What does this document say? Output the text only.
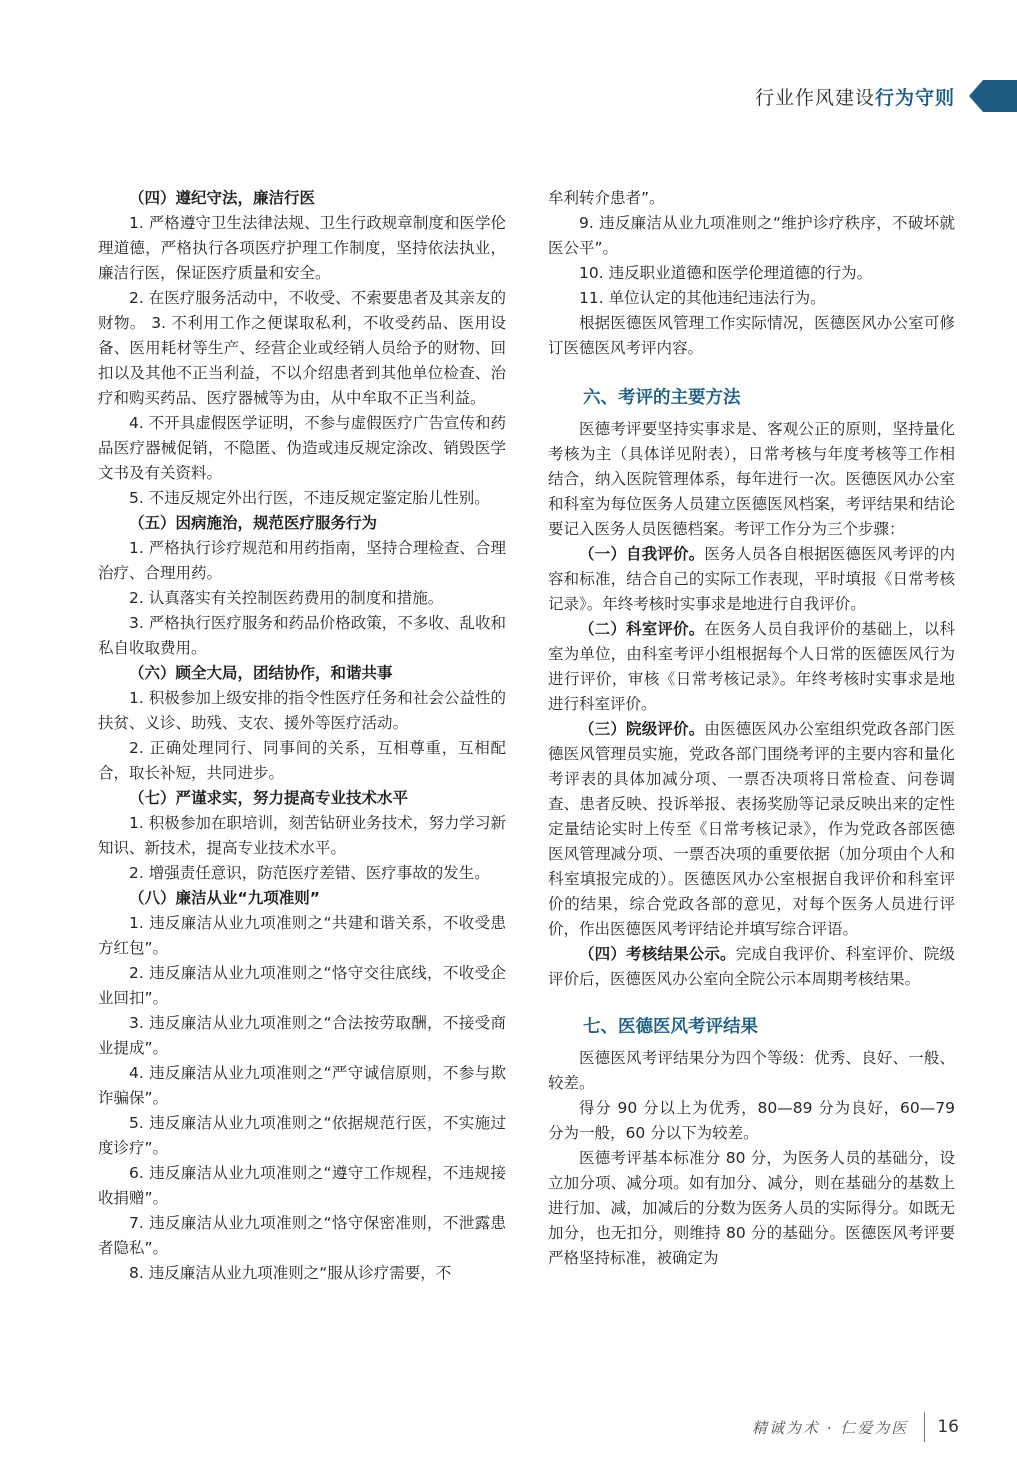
行业作风建设行为守则

（四）遵纪守法，廉洁行医

1. 严格遵守卫生法律法规、卫生行政规章制度和医学伦理道德，严格执行各项医疗护理工作制度，坚持依法执业，廉洁行医，保证医疗质量和安全。

2. 在医疗服务活动中，不收受、不索要患者及其亲友的财物。 3. 不利用工作之便谋取私利，不收受药品、医用设备、医用耗材等生产、经营企业或经销人员给予的财物、回扣以及其他不正当利益，不以介绍患者到其他单位检查、治疗和购买药品、医疗器械等为由，从中牟取不正当利益。

4. 不开具虚假医学证明，不参与虚假医疗广告宣传和药品医疗器械促销，不隐匿、伪造或违反规定涂改、销毁医学文书及有关资料。

5. 不违反规定外出行医，不违反规定鉴定胎儿性别。

（五）因病施治，规范医疗服务行为

1. 严格执行诊疗规范和用药指南，坚持合理检查、合理治疗、合理用药。

2. 认真落实有关控制医药费用的制度和措施。

3. 严格执行医疗服务和药品价格政策，不多收、乱收和私自收取费用。

（六）顾全大局，团结协作，和谐共事

1. 积极参加上级安排的指令性医疗任务和社会公益性的扶贫、义诊、助残、支农、援外等医疗活动。

2. 正确处理同行、同事间的关系，互相尊重，互相配合，取长补短，共同进步。

（七）严谨求实，努力提高专业技术水平

1. 积极参加在职培训，刻苦钻研业务技术，努力学习新知识、新技术，提高专业技术水平。

2. 增强责任意识，防范医疗差错、医疗事故的发生。

（八）廉洁从业“九项准则”

1. 违反廉洁从业九项准则之“共建和谐关系，不收受患方红包”。

2. 违反廉洁从业九项准则之“恪守交往底线，不收受企业回扣”。

3. 违反廉洁从业九项准则之“合法按劳取酬，不接受商业提成”。

4. 违反廉洁从业九项准则之“严守诚信原则，不参与欺诈骗保”。

5. 违反廉洁从业九项准则之“依据规范行医，不实施过度诊疗”。

6. 违反廉洁从业九项准则之“遵守工作规程，不违规接收捐赠”。

7. 违反廉洁从业九项准则之“恪守保密准则，不泄露患者隐私”。

8. 违反廉洁从业九项准则之“服从诊疗需要，不

牟利转介患者”。

9. 违反廉洁从业九项准则之“维护诊疗秩序，不破坏就医公平”。

10. 违反职业道德和医学伦理道德的行为。

11. 单位认定的其他违纪违法行为。

根据医德医风管理工作实际情况，医德医风办公室可修订医德医风考评内容。

六、考评的主要方法

医德考评要坚持实事求是、客观公正的原则，坚持量化考核为主（具体详见附表），日常考核与年度考核等工作相结合，纳入医院管理体系，每年进行一次。医德医风办公室和科室为每位医务人员建立医德医风档案，考评结果和结论要记入医务人员医德档案。考评工作分为三个步骤：

（一）自我评价。医务人员各自根据医德医风考评的内容和标准，结合自己的实际工作表现，平时填报《日常考核记录》。年终考核时实事求是地进行自我评价。

（二）科室评价。在医务人员自我评价的基础上，以科室为单位，由科室考评小组根据每个人日常的医德医风行为进行评价，审核《日常考核记录》。年终考核时实事求是地进行科室评价。

（三）院级评价。由医德医风办公室组织党政各部门医德医风管理员实施，党政各部门围绕考评的主要内容和量化考评表的具体加减分项、一票否决项将日常检查、问卷调查、患者反映、投诉举报、表扬奖励等记录反映出来的定性定量结论实时上传至《日常考核记录》，作为党政各部医德医风管理减分项、一票否决项的重要依据（加分项由个人和科室填报完成的）。医德医风办公室根据自我评价和科室评价的结果，综合党政各部的意见，对每个医务人员进行评价，作出医德医风考评结论并填写综合评语。

（四）考核结果公示。完成自我评价、科室评价、院级评价后，医德医风办公室向全院公示本周期考核结果。

七、医德医风考评结果

医德医风考评结果分为四个等级：优秀、良好、一般、较差。

得分 90 分以上为优秀，80—89 分为良好，60—79 分为一般，60 分以下为较差。

医德考评基本标准分 80 分，为医务人员的基础分，设立加分项、减分项。如有加分、减分，则在基础分的基数上进行加、减，加减后的分数为医务人员的实际得分。如既无加分，也无扣分，则维持 80 分的基础分。医德医风考评要严格坚持标准，被确定为

精诚为术 · 仁爱为医 16
